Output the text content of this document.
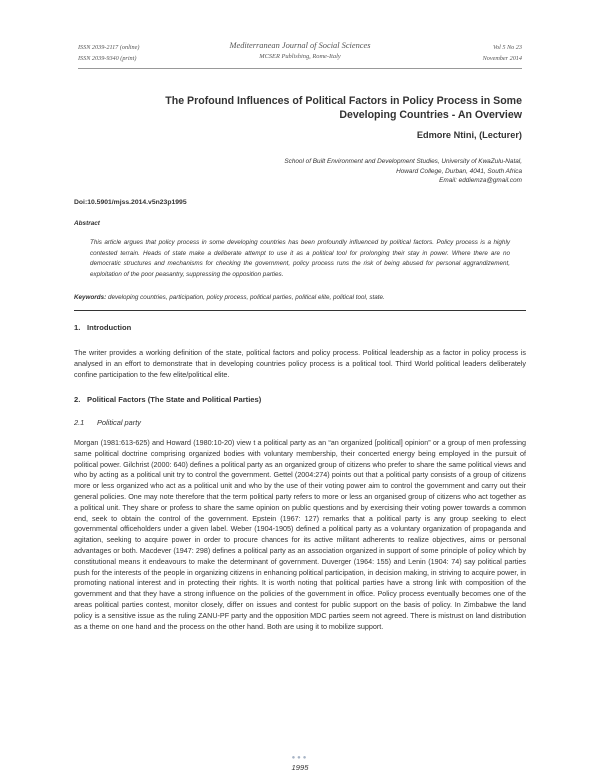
ISSN 2039-2117 (online)
ISSN 2039-9340 (print)
Mediterranean Journal of Social Sciences
MCSER Publishing, Rome-Italy
Vol 5 No 23
November 2014
The Profound Influences of Political Factors in Policy Process in Some
Developing Countries - An Overview
Edmore Ntini, (Lecturer)
School of Built Environment and Development Studies, University of KwaZulu-Natal,
Howard College, Durban, 4041, South Africa
Email: eddiemza@gmail.com
Doi:10.5901/mjss.2014.v5n23p1995
Abstract
This article argues that policy process in some developing countries has been profoundly influenced by political factors. Policy process is a highly contested terrain. Heads of state make a deliberate attempt to use it as a political tool for prolonging their stay in power. Where there are no democratic structures and mechanisms for checking the government, policy process runs the risk of being abused for personal aggrandizement, exploitation of the poor peasantry, suppressing the opposition parties.
Keywords: developing countries, participation, policy process, political parties, political elite, political tool, state.
1. Introduction
The writer provides a working definition of the state, political factors and policy process. Political leadership as a factor in policy process is analysed in an effort to demonstrate that in developing countries policy process is a political tool. Third World political leaders deliberately confine participation to the few elite/political elite.
2. Political Factors (The State and Political Parties)
2.1 Political party
Morgan (1981:613-625) and Howard (1980:10-20) view t a political party as an “an organized [political] opinion” or a group of men professing same political doctrine comprising organized bodies with voluntary membership, their concerted energy being employed in the pursuit of political power. Gilchrist (2000: 640) defines a political party as an organized group of citizens who prefer to share the same political views and who by acting as a political unit try to control the government. Gettel (2004:274) points out that a political party consists of a group of citizens more or less organized who act as a political unit and who by the use of their voting power aim to control the government and carry out their general policies. One may note therefore that the term political party refers to more or less an organised group of citizens who act together as a political unit. They share or profess to share the same opinion on public questions and by exercising their voting power towards a common end, seek to obtain the control of the government. Epstein (1967: 127) remarks that a political party is any group seeking to elect governmental officeholders under a given label. Weber (1904-1905) defined a political party as a voluntary organization of propaganda and agitation, seeking to acquire power in order to procure chances for its active militant adherents to realize objectives, aims or personal advantages or both. Macdever (1947: 298) defines a political party as an association organized in support of some principle of policy which by constitutional means it endeavours to make the determinant of government. Duverger (1964: 155) and Lenin (1904: 74) say political parties push for the interests of the people in organizing citizens in enhancing political participation, in decision making, in striving to acquire power, in promoting national interest and in protecting their rights. It is worth noting that political parties have a strong link with composition of the government and that they have a strong influence on the policies of the government in office. Policy process eventually becomes one of the areas political parties contest, monitor closely, differ on issues and contest for public support on the basis of policy. In Zimbabwe the land policy is a sensitive issue as the ruling ZANU-PF party and the opposition MDC parties seem not agreed. There is mistrust on land distribution as a theme on one hand and the process on the other hand. Both are using it to mobilize support.
●●●
1995
